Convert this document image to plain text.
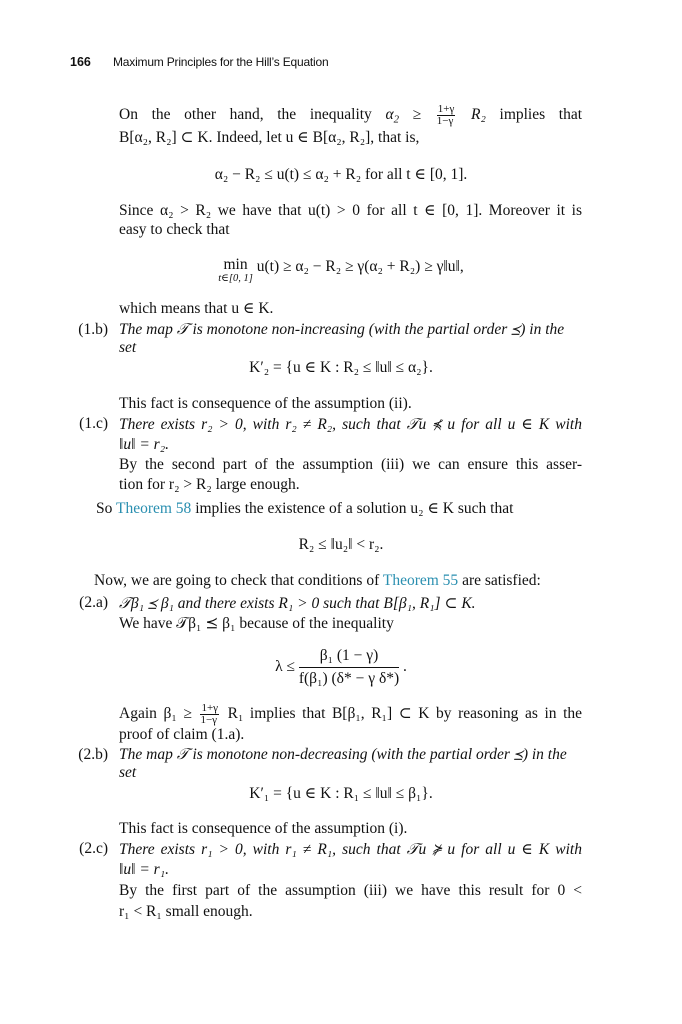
166 Maximum Principles for the Hill’s Equation
On the other hand, the inequality $\alpha_2 \ge \frac{1+\gamma}{1-\gamma} R_2$ implies that
B[α₂, R₂] ⊂ K. Indeed, let u ∈ B[α₂, R₂], that is,
α₂ − R₂ ≤ u(t) ≤ α₂ + R₂ for all t ∈ [0, 1].
Since α₂ > R₂ we have that u(t) > 0 for all t ∈ [0, 1]. Moreover it is
easy to check that
min
t∈[0, 1]
u(t) ≥ α₂ − R₂ ≥ γ(α₂ + R₂) ≥ γ‖u‖,
which means that u ∈ K.
(1.b) The map 𝒯 is monotone non-increasing (with the partial order ⪯) in the set
K′₂ = {u ∈ K : R₂ ≤ ‖u‖ ≤ α₂}.
This fact is consequence of the assumption (ii).
(1.c) There exists r₂ > 0, with r₂ ≠ R₂, such that 𝒯u ⋠ u for all u ∈ K with
‖u‖ = r₂.
By the second part of the assumption (iii) we can ensure this asser-
tion for r₂ > R₂ large enough.
So Theorem 58 implies the existence of a solution u₂ ∈ K such that
R₂ ≤ ‖u₂‖ < r₂.
Now, we are going to check that conditions of Theorem 55 are satisfied:
(2.a) 𝒯β₁ ⪯ β₁ and there exists R₁ > 0 such that B[β₁, R₁] ⊂ K.
We have 𝒯β₁ ⪯ β₁ because of the inequality
$\lambda \le \frac{\text{β₁ (1 − γ)}}{\text{f(β₁) (δ* − γ δ*)}}$ .
Again $\beta_1 \ge \frac{1+\gamma}{1-\gamma} R_1$ implies that B[β₁, R₁] ⊂ K by reasoning as in the
proof of claim (1.a).
(2.b) The map 𝒯 is monotone non-decreasing (with the partial order ⪯) in the set
K′₁ = {u ∈ K : R₁ ≤ ‖u‖ ≤ β₁}.
This fact is consequence of the assumption (i).
(2.c) There exists r₁ > 0, with r₁ ≠ R₁, such that 𝒯u ⋡ u for all u ∈ K with
‖u‖ = r₁.
By the first part of the assumption (iii) we have this result for 0 <
r₁ < R₁ small enough.
